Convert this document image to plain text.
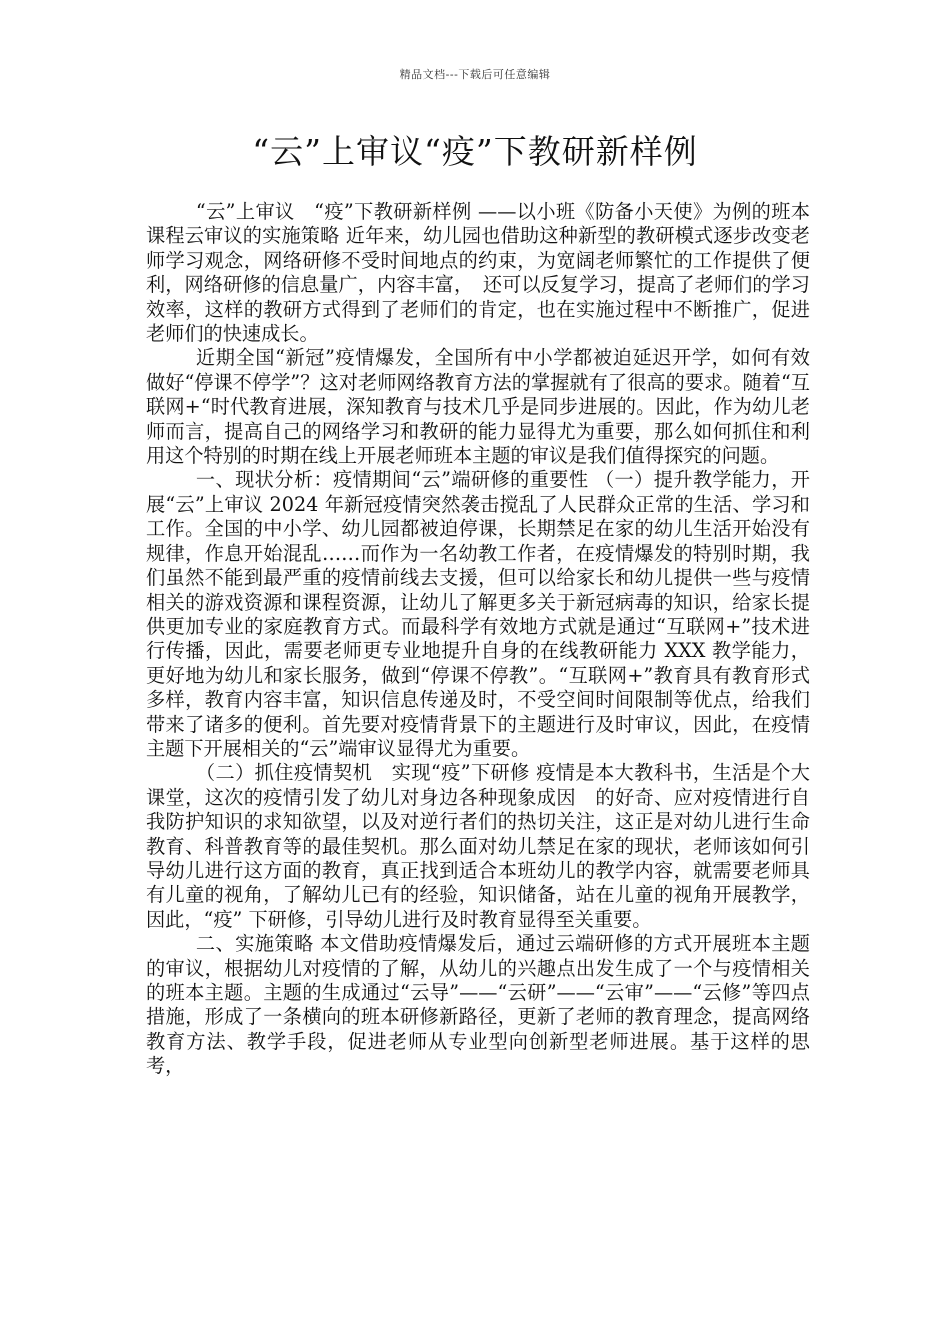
精品文档---下载后可任意编辑
“云”上审议“疫”下教研新样例

“云”上审议　“疫”下教研新样例 ——以小班《防备小天使》为例的班本课程云审议的实施策略 近年来，幼儿园也借助这种新型的教研模式逐步改变老师学习观念，网络研修不受时间地点的约束，为宽阔老师繁忙的工作提供了便利，网络研修的信息量广，内容丰富，　还可以反复学习，提高了老师们的学习效率，这样的教研方式得到了老师们的肯定，也在实施过程中不断推广，促进老师们的快速成长。

近期全国“新冠”疫情爆发，全国所有中小学都被迫延迟开学，如何有效做好“停课不停学”？这对老师网络教育方法的掌握就有了很高的要求。随着“互联网+“时代教育进展，深知教育与技术几乎是同步进展的。因此，作为幼儿老师而言，提高自己的网络学习和教研的能力显得尤为重要，那么如何抓住和利用这个特别的时期在线上开展老师班本主题的审议是我们值得探究的问题。

一、现状分析：疫情期间“云”端研修的重要性 （一）提升教学能力，开展“云”上审议 2024 年新冠疫情突然袭击搅乱了人民群众正常的生活、学习和工作。全国的中小学、幼儿园都被迫停课，长期禁足在家的幼儿生活开始没有规律，作息开始混乱……而作为一名幼教工作者，在疫情爆发的特别时期，我们虽然不能到最严重的疫情前线去支援，但可以给家长和幼儿提供一些与疫情相关的游戏资源和课程资源，让幼儿了解更多关于新冠病毒的知识，给家长提供更加专业的家庭教育方式。而最科学有效地方式就是通过“互联网+”技术进行传播，因此，需要老师更专业地提升自身的在线教研能力 XXX 教学能力，更好地为幼儿和家长服务，做到“停课不停教”。“互联网+”教育具有教育形式多样，教育内容丰富，知识信息传递及时，不受空间时间限制等优点，给我们带来了诸多的便利。首先要对疫情背景下的主题进行及时审议，因此，在疫情主题下开展相关的“云”端审议显得尤为重要。

（二）抓住疫情契机　实现“疫”下研修 疫情是本大教科书，生活是个大课堂，这次的疫情引发了幼儿对身边各种现象成因　的好奇、应对疫情进行自我防护知识的求知欲望，以及对逆行者们的热切关注，这正是对幼儿进行生命教育、科普教育等的最佳契机。那么面对幼儿禁足在家的现状，老师该如何引导幼儿进行这方面的教育，真正找到适合本班幼儿的教学内容，就需要老师具有儿童的视角，了解幼儿已有的经验，知识储备，站在儿童的视角开展教学，因此，“疫” 下研修，引导幼儿进行及时教育显得至关重要。

二、实施策略 本文借助疫情爆发后，通过云端研修的方式开展班本主题的审议，根据幼儿对疫情的了解，从幼儿的兴趣点出发生成了一个与疫情相关的班本主题。主题的生成通过“云导”——“云研”——“云审”——“云修”等四点措施，形成了一条横向的班本研修新路径，更新了老师的教育理念，提高网络教育方法、教学手段，促进老师从专业型向创新型老师进展。基于这样的思考，
